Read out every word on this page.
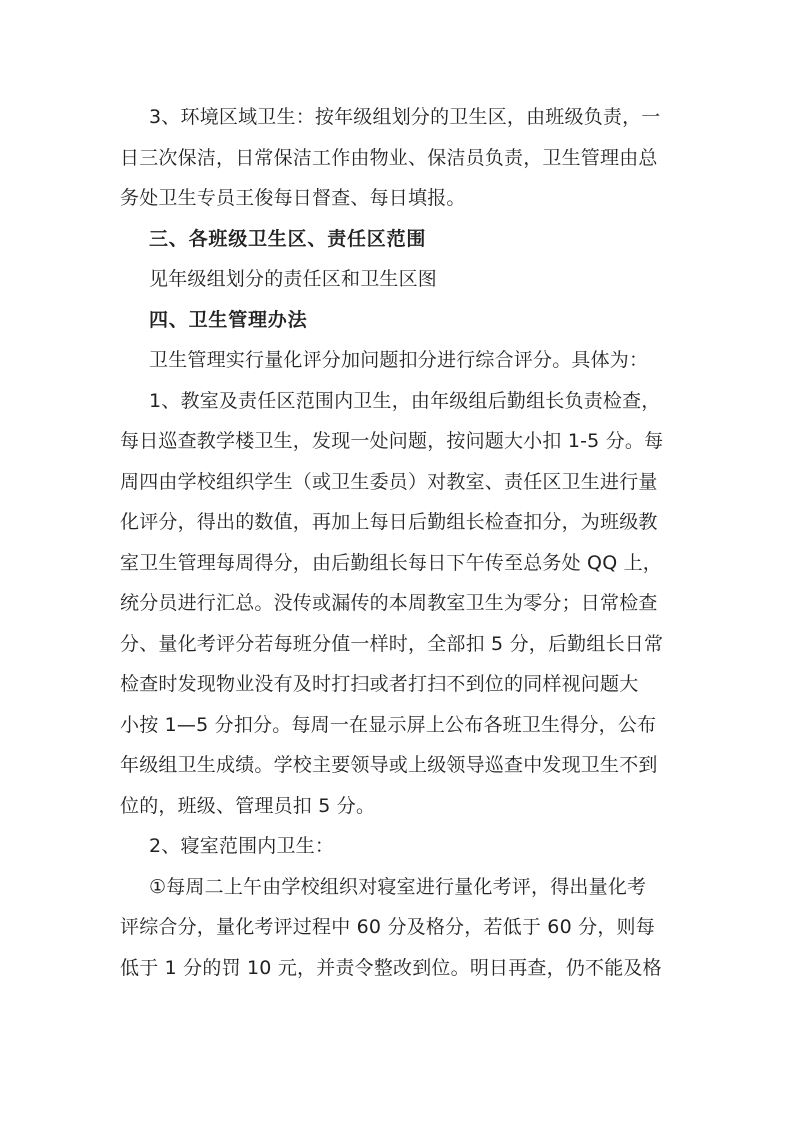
3、环境区域卫生：按年级组划分的卫生区，由班级负责，一
日三次保洁，日常保洁工作由物业、保洁员负责，卫生管理由总
务处卫生专员王俊每日督查、每日填报。
三、各班级卫生区、责任区范围
见年级组划分的责任区和卫生区图
四、卫生管理办法
卫生管理实行量化评分加问题扣分进行综合评分。具体为：
1、教室及责任区范围内卫生，由年级组后勤组长负责检查，
每日巡查教学楼卫生，发现一处问题，按问题大小扣 1-5 分。每
周四由学校组织学生（或卫生委员）对教室、责任区卫生进行量
化评分，得出的数值，再加上每日后勤组长检查扣分，为班级教
室卫生管理每周得分，由后勤组长每日下午传至总务处 QQ 上，
统分员进行汇总。没传或漏传的本周教室卫生为零分；日常检查
分、量化考评分若每班分值一样时，全部扣 5 分，后勤组长日常
检查时发现物业没有及时打扫或者打扫不到位的同样视问题大
小按 1—5 分扣分。每周一在显示屏上公布各班卫生得分，公布
年级组卫生成绩。学校主要领导或上级领导巡查中发现卫生不到
位的，班级、管理员扣 5 分。
2、寝室范围内卫生：
①每周二上午由学校组织对寝室进行量化考评，得出量化考
评综合分，量化考评过程中 60 分及格分，若低于 60 分，则每
低于 1 分的罚 10 元，并责令整改到位。明日再查，仍不能及格
